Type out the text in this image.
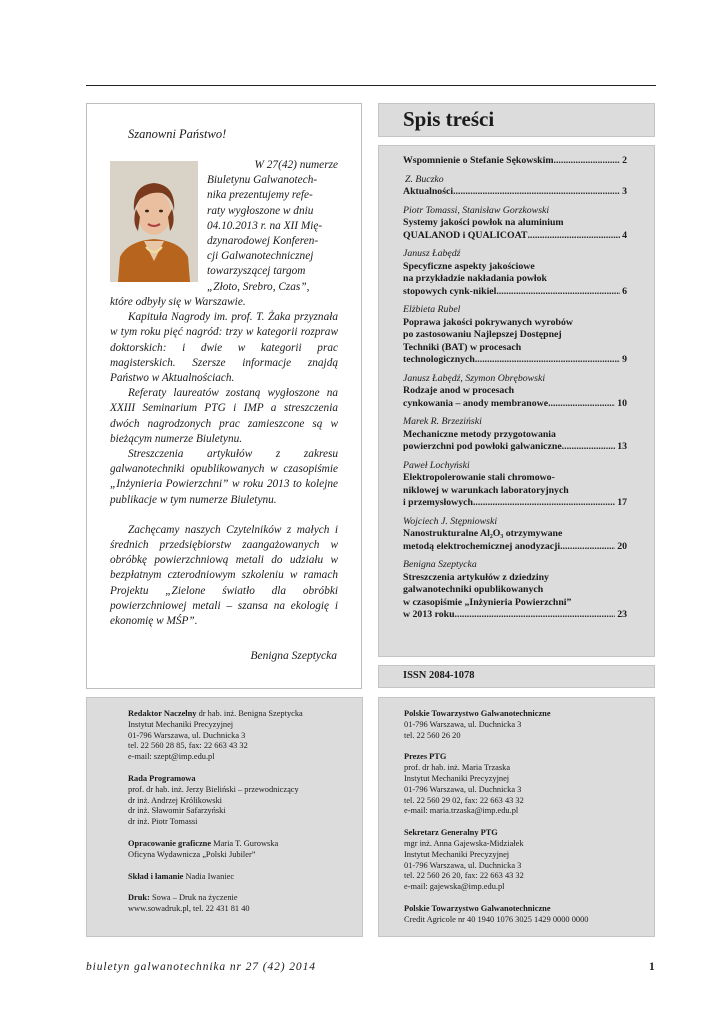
Szanowni Państwo!
W 27(42) numerze
Biuletynu Galwanotech-
nika prezentujemy refe-
raty wygłoszone w dniu
04.10.2013 r. na XII Mię-
dzynarodowej Konferen-
cji Galwanotechnicznej
towarzyszącej targom
„Złoto, Srebro, Czas”,

które odbyły się w Warszawie.

Kapituła Nagrody im. prof. T. Żaka przyznała w tym roku pięć nagród: trzy w kategorii rozpraw doktorskich: i dwie w kategorii prac magisterskich. Szersze informacje znajdą Państwo w Aktualnościach.

Referaty laureatów zostaną wygłoszone na XXIII Seminarium PTG i IMP a streszczenia dwóch nagrodzonych prac zamieszcone są w bieżącym numerze Biuletynu.

Streszczenia artykułów z zakresu galwanotechniki opublikowanych w czasopiśmie „Inżynieria Powierzchni” w roku 2013 to kolejne publikacje w tym numerze Biuletynu.

Zachęcamy naszych Czytelników z małych i średnich przedsiębiorstw zaangażowanych w obróbkę powierzchniową metali do udziału w bezpłatnym czterodniowym szkoleniu w ramach Projektu „Zielone światło dla obróbki powierzchniowej metali – szansa na ekologię i ekonomię w MŚP”.

Benigna Szeptycka
Spis treści
Wspomnienie o Stefanie Sękowskim .....	2
Z. Buczko
Aktualności .....	3
Piotr Tomassi, Stanisław Gorzkowski
Systemy jakości powłok na aluminium
QUALANOD i QUALICOAT .....	4
Janusz Łabędź
Specyficzne aspekty jakościowe
na przykładzie nakładania powłok
stopowych cynk-nikiel .....	6
Elżbieta Rubel
Poprawa jakości pokrywanych wyrobów
po zastosowaniu Najlepszej Dostępnej
Techniki (BAT) w procesach
technologicznych .....	9
Janusz Łabędź, Szymon Obrębowski
Rodzaje anod w procesach
cynkowania – anody membranowe .....	10
Marek R. Brzeziński
Mechaniczne metody przygotowania
powierzchni pod powłoki galwaniczne .....	13
Paweł Lochyński
Elektropolerowanie stali chromowo-
niklowej w warunkach laboratoryjnych
i przemysłowych .....	17
Wojciech J. Stępniowski
Nanostrukturalne Al₂O₃ otrzymywane
metodą elektrochemicznej anodyzacji .....	20
Benigna Szeptycka
Streszczenia artykułów z dziedziny
galwanotechniki opublikowanych
w czasopiśmie „Inżynieria Powierzchni”
w 2013 roku .....	23
ISSN 2084-1078
Redaktor Naczelny dr hab. inż. Benigna Szeptycka
Instytut Mechaniki Precyzyjnej
01-796 Warszawa, ul. Duchnicka 3
tel. 22 560 28 85, fax: 22 663 43 32
e-mail: szept@imp.edu.pl
Rada Programowa
prof. dr hab. inż. Jerzy Bieliński – przewodniczący
dr inż. Andrzej Królikowski
dr inż. Sławomir Safarzyński
dr inż. Piotr Tomassi
Opracowanie graficzne Maria T. Gurowska
Oficyna Wydawnicza „Polski Jubiler”
Skład i łamanie Nadia Iwaniec
Druk: Sowa – Druk na życzenie
www.sowadruk.pl, tel. 22 431 81 40
Polskie Towarzystwo Galwanotechniczne
01-796 Warszawa, ul. Duchnicka 3
tel. 22 560 26 20
Prezes PTG
prof. dr hab. inż. Maria Trzaska
Instytut Mechaniki Precyzyjnej
01-796 Warszawa, ul. Duchnicka 3
tel. 22 560 29 02, fax: 22 663 43 32
e-mail: maria.trzaska@imp.edu.pl
Sekretarz Generalny PTG
mgr inż. Anna Gajewska-Midziałek
Instytut Mechaniki Precyzyjnej
01-796 Warszawa, ul. Duchnicka 3
tel. 22 560 26 20, fax: 22 663 43 32
e-mail: gajewska@imp.edu.pl
Polskie Towarzystwo Galwanotechniczne
Credit Agricole nr 40 1940 1076 3025 1429 0000 0000
biuletyn galwanotechnika nr 27 (42) 2014	1
